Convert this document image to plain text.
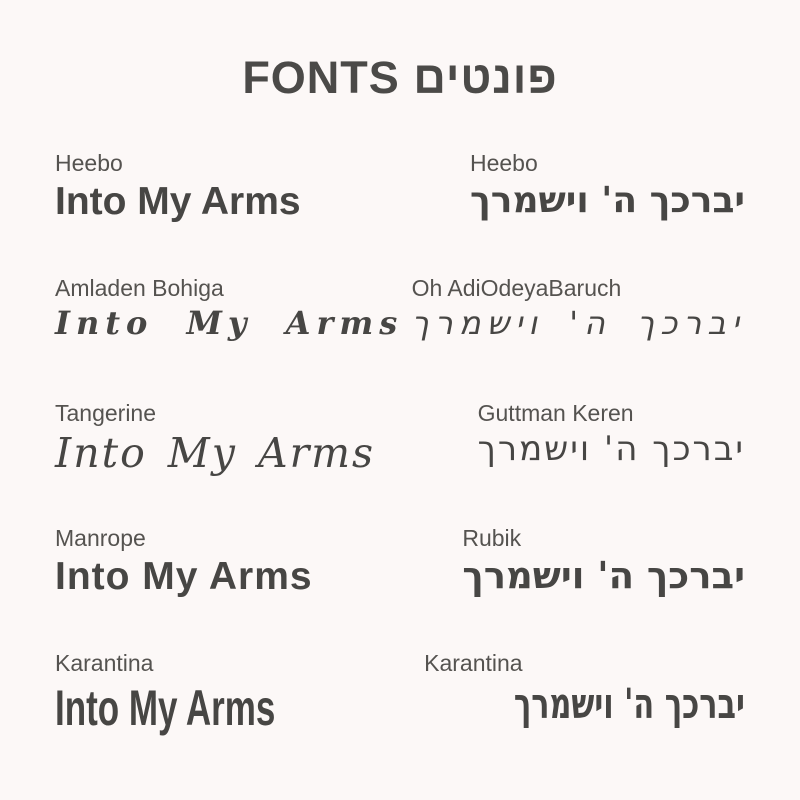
FONTS פונטים
Heebo
Into My Arms
Heebo
יברכך ה' וישמרך
Amladen Bohiga
Into My Arms
Oh AdiOdeyaBaruch
יברכך ה' וישמרך
Tangerine
Into My Arms
Guttman Keren
יברכך ה' וישמרך
Manrope
Into My Arms
Rubik
יברכך ה' וישמרך
Karantina
Into My Arms
Karantina
יברכך ה' וישמרך
